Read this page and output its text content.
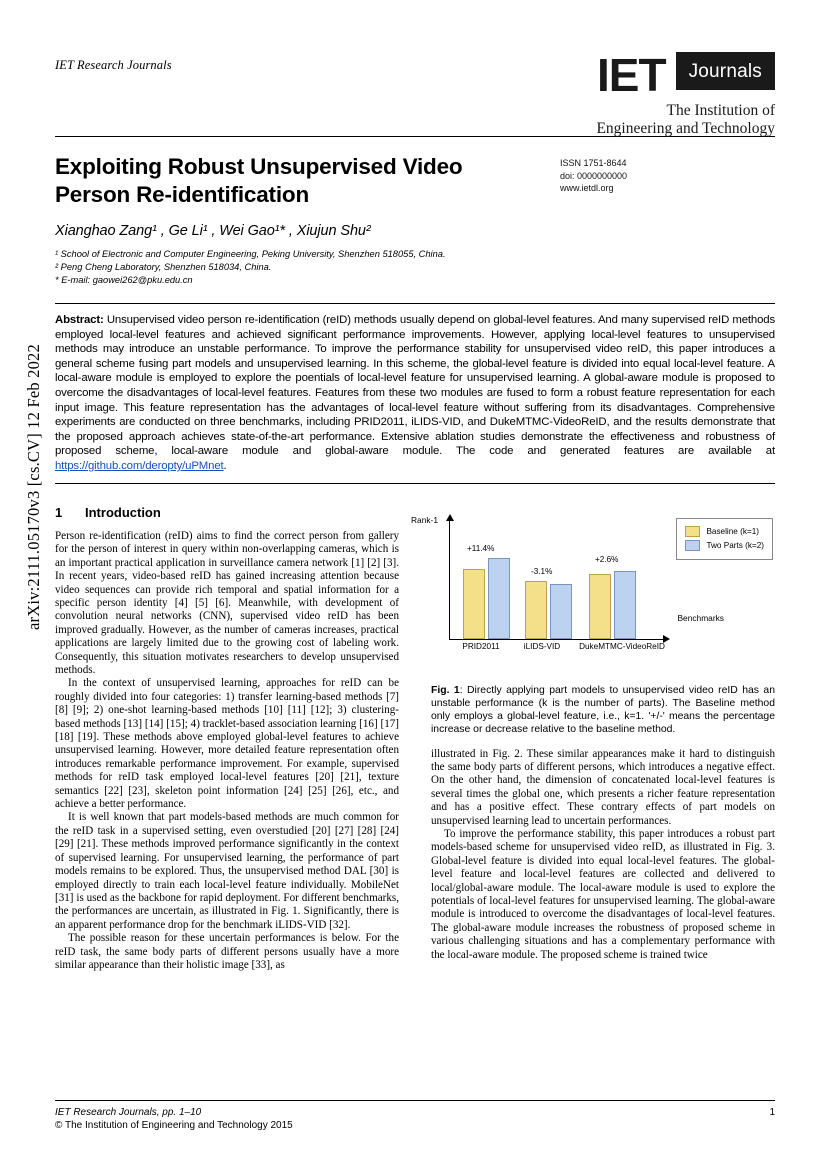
arXiv:2111.05170v3 [cs.CV] 12 Feb 2022
IET Research Journals	IET	Journals
The Institution of
Engineering and Technology
Exploiting Robust Unsupervised Video Person Re-identification
Xianghao Zang¹ , Ge Li¹ , Wei Gao¹* , Xiujun Shu²
¹ School of Electronic and Computer Engineering, Peking University, Shenzhen 518055, China.
² Peng Cheng Laboratory, Shenzhen 518034, China.
* E-mail: gaowei262@pku.edu.cn
ISSN 1751-8644
doi: 0000000000
www.ietdl.org
Abstract: Unsupervised video person re-identification (reID) methods usually depend on global-level features. And many supervised reID methods employed local-level features and achieved significant performance improvements. However, applying local-level features to unsupervised methods may introduce an unstable performance. To improve the performance stability for unsupervised video reID, this paper introduces a general scheme fusing part models and unsupervised learning. In this scheme, the global-level feature is divided into equal local-level feature. A local-aware module is employed to explore the poentials of local-level feature for unsupervised learning. A global-aware module is proposed to overcome the disadvantages of local-level features. Features from these two modules are fused to form a robust feature representation for each input image. This feature representation has the advantages of local-level feature without suffering from its disadvantages. Comprehensive experiments are conducted on three benchmarks, including PRID2011, iLIDS-VID, and DukeMTMC-VideoReID, and the results demonstrate that the proposed approach achieves state-of-the-art performance. Extensive ablation studies demonstrate the effectiveness and robustness of proposed scheme, local-aware module and global-aware module. The code and generated features are available at https://github.com/deropty/uPMnet.
1 Introduction

Person re-identification (reID) aims to find the correct person from gallery for the person of interest in query within non-overlapping cameras, which is an important practical application in surveillance camera network [1] [2] [3]. In recent years, video-based reID has gained increasing attention because video sequences can provide rich temporal and spatial information for a specific person identity [4] [5] [6]. Meanwhile, with development of convolution neural networks (CNN), supervised video reID has been improved gradually. However, as the number of cameras increases, practical applications are largely limited due to the growing cost of labeling work. Consequently, this situation motivates researchers to develop unsupervised methods.

In the context of unsupervised learning, approaches for reID can be roughly divided into four categories: 1) transfer learning-based methods [7] [8] [9]; 2) one-shot learning-based methods [10] [11] [12]; 3) clustering-based methods [13] [14] [15]; 4) tracklet-based association learning [16] [17] [18] [19]. These methods above employed global-level features to achieve unsupervised learning. However, more detailed feature representation often introduces remarkable performance improvement. For example, supervised methods for reID task employed local-level features [20] [21], texture semantics [22] [23], skeleton point information [24] [25] [26], etc., and achieve a better performance.

It is well known that part models-based methods are much common for the reID task in a supervised setting, even overstudied [20] [27] [28] [24] [29] [21]. These methods improved performance significantly in the context of supervised learning. For unsupervised learning, the performance of part models remains to be explored. Thus, the unsupervised method DAL [30] is employed directly to train each local-level feature individually. MobileNet [31] is used as the backbone for rapid deployment. For different benchmarks, the performances are uncertain, as illustrated in Fig. 1. Significantly, there is an apparent performance drop for the benchmark iLIDS-VID [32].

The possible reason for these uncertain performances is below. For the reID task, the same body parts of different persons usually have a more similar appearance than their holistic image [33], as

Rank-1
Benchmarks
+11.4%
PRID2011
-3.1%
iLIDS-VID
+2.6%
DukeMTMC-VideoReID
Baseline (k=1)
Two Parts (k=2)
Fig. 1: Directly applying part models to unsupervised video reID has an unstable performance (k is the number of parts). The Baseline method only employs a global-level feature, i.e., k=1. '+/-' means the percentage increase or decrease relative to the baseline method.

illustrated in Fig. 2. These similar appearances make it hard to distinguish the same body parts of different persons, which introduces a negative effect. On the other hand, the dimension of concatenated local-level features is several times the global one, which presents a richer feature representation and has a positive effect. These contrary effects of part models on unsupervised learning lead to uncertain performances.

To improve the performance stability, this paper introduces a robust part models-based scheme for unsupervised video reID, as illustrated in Fig. 3. Global-level feature is divided into equal local-level features. The global-level feature and local-level features are collected and delivered to local/global-aware module. The local-aware module is used to explore the potentials of local-level features for unsupervised learning. The global-aware module is introduced to overcome the disadvantages of local-level features. The global-aware module increases the robustness of proposed scheme in various challenging situations and has a complementary performance with the local-aware module. The proposed scheme is trained twice

IET Research Journals, pp. 1–10
© The Institution of Engineering and Technology 2015
1
